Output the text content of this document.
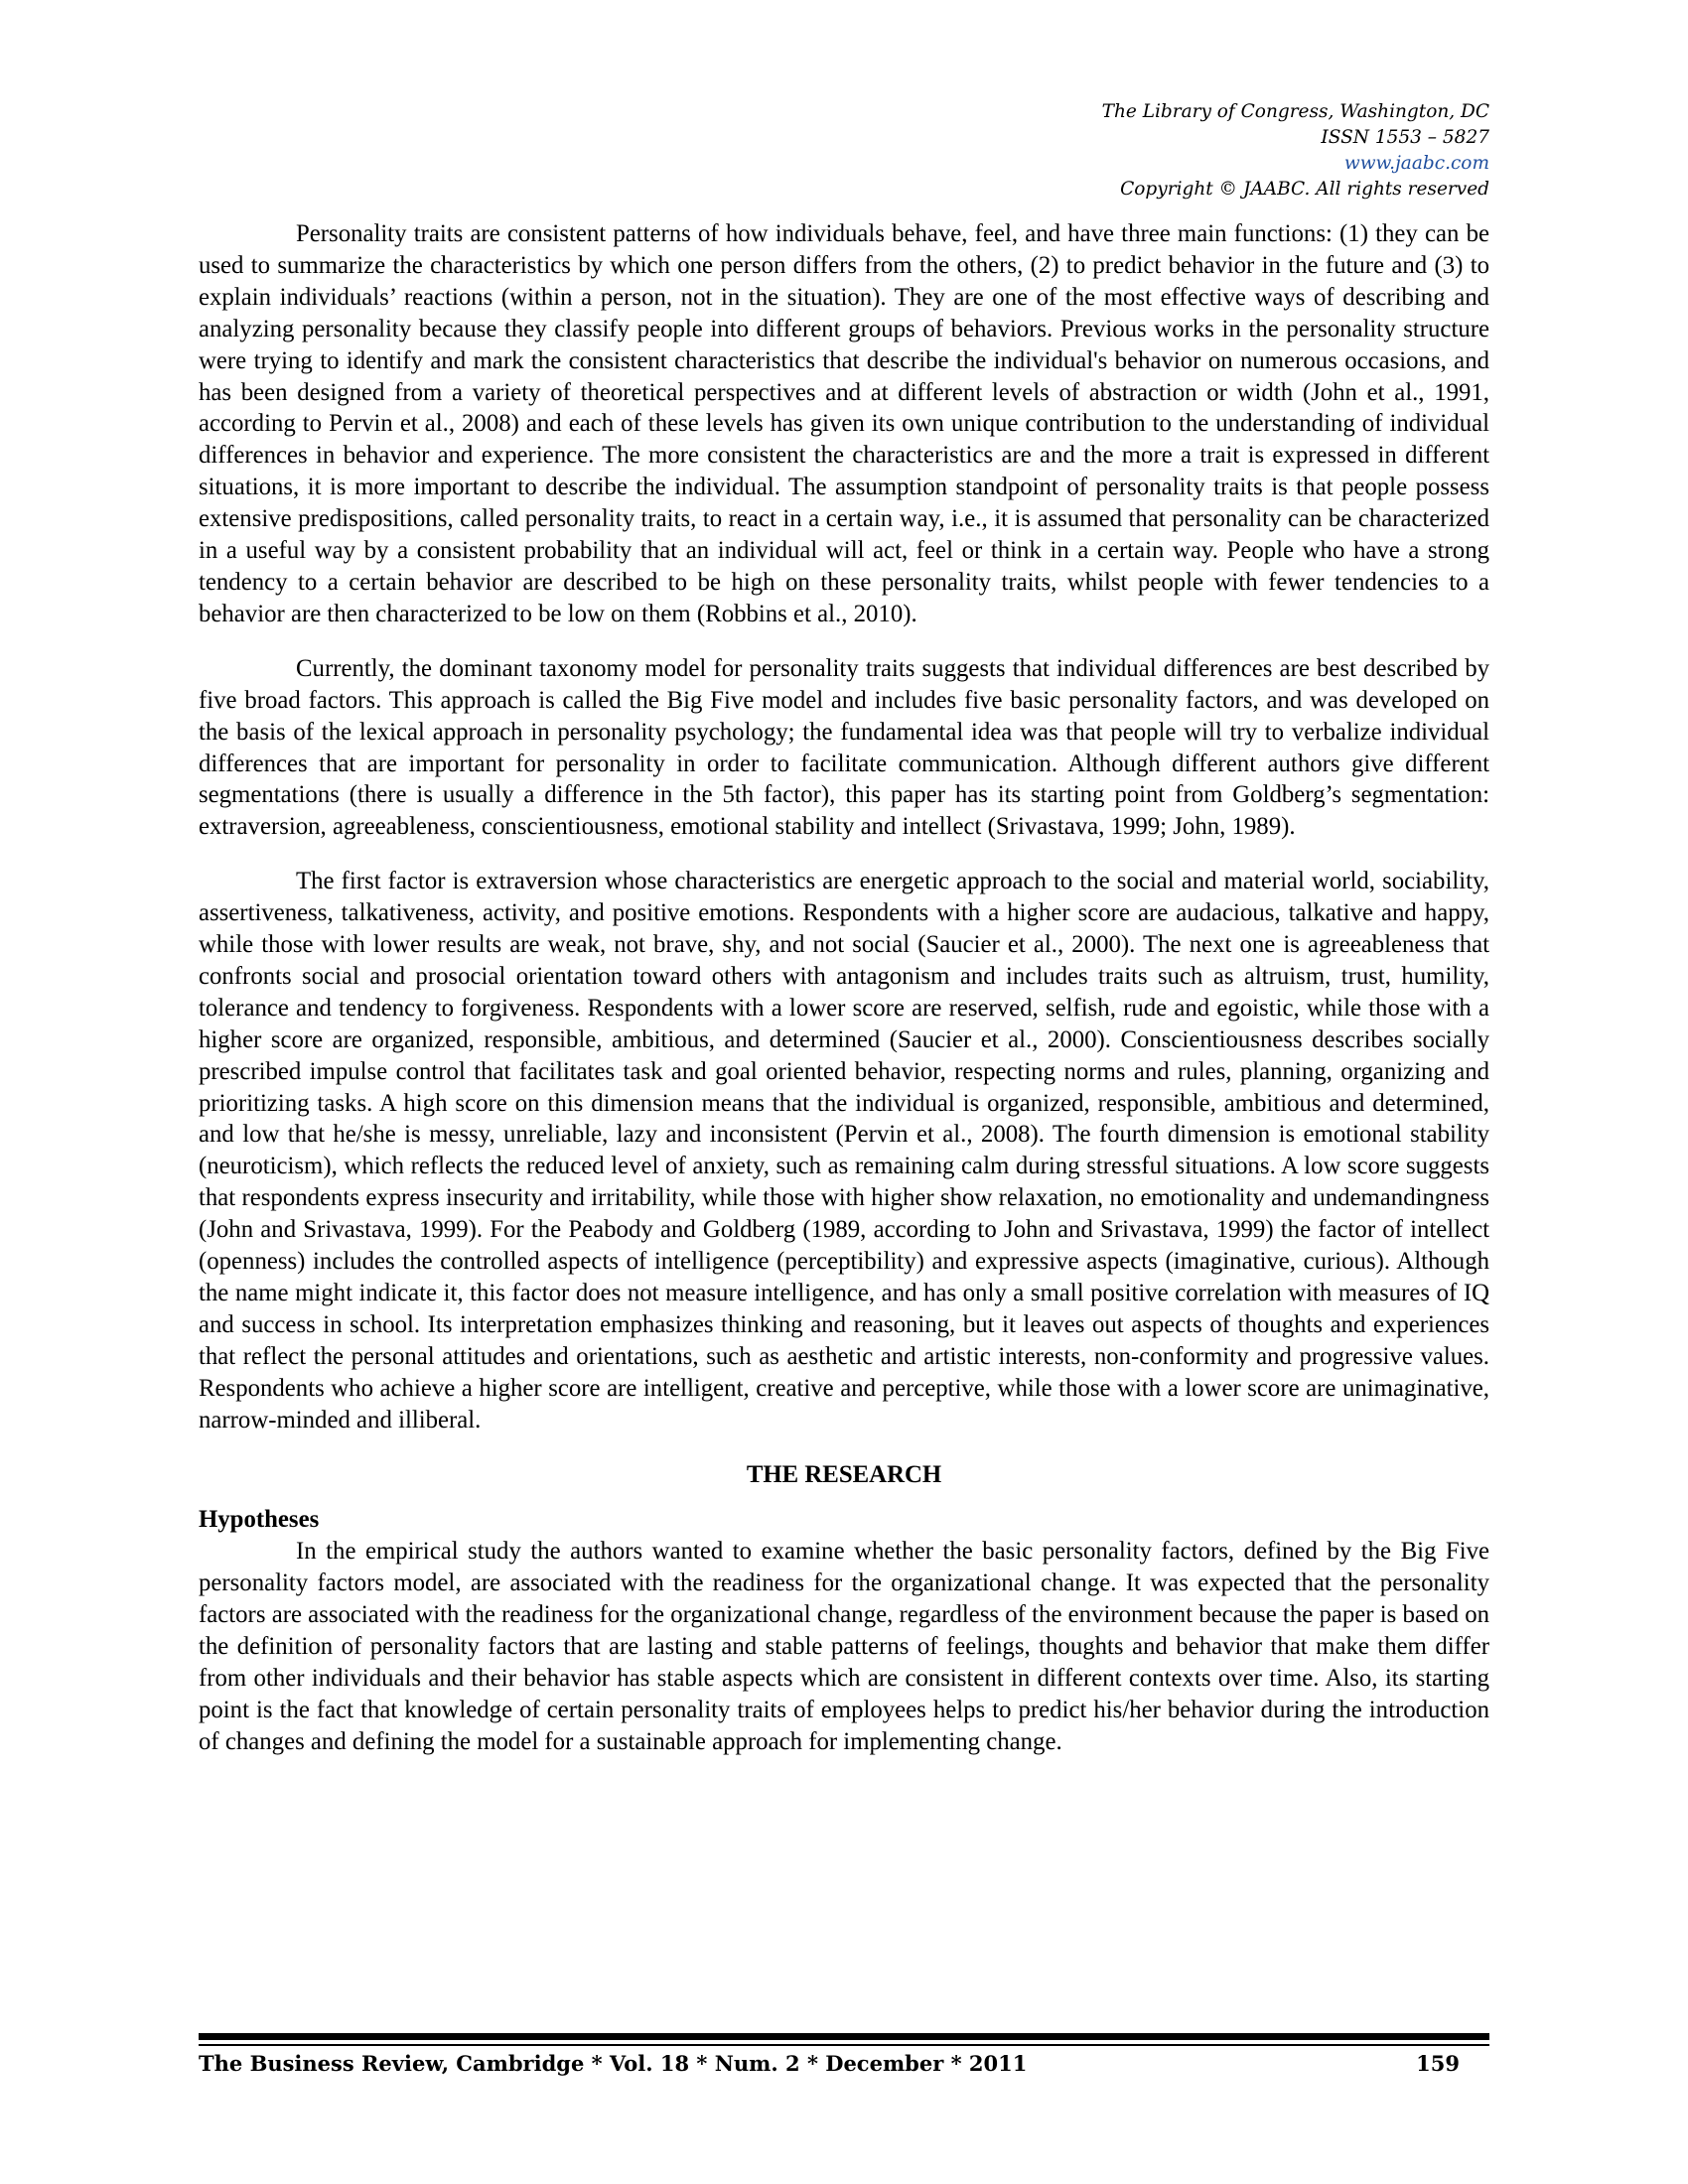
The Library of Congress, Washington, DC
ISSN 1553 – 5827
www.jaabc.com
Copyright © JAABC. All rights reserved

Personality traits are consistent patterns of how individuals behave, feel, and have three main functions: (1) they can be used to summarize the characteristics by which one person differs from the others, (2) to predict behavior in the future and (3) to explain individuals’ reactions (within a person, not in the situation). They are one of the most effective ways of describing and analyzing personality because they classify people into different groups of behaviors. Previous works in the personality structure were trying to identify and mark the consistent characteristics that describe the individual's behavior on numerous occasions, and has been designed from a variety of theoretical perspectives and at different levels of abstraction or width (John et al., 1991, according to Pervin et al., 2008) and each of these levels has given its own unique contribution to the understanding of individual differences in behavior and experience. The more consistent the characteristics are and the more a trait is expressed in different situations, it is more important to describe the individual. The assumption standpoint of personality traits is that people possess extensive predispositions, called personality traits, to react in a certain way, i.e., it is assumed that personality can be characterized in a useful way by a consistent probability that an individual will act, feel or think in a certain way. People who have a strong tendency to a certain behavior are described to be high on these personality traits, whilst people with fewer tendencies to a behavior are then characterized to be low on them (Robbins et al., 2010).

Currently, the dominant taxonomy model for personality traits suggests that individual differences are best described by five broad factors. This approach is called the Big Five model and includes five basic personality factors, and was developed on the basis of the lexical approach in personality psychology; the fundamental idea was that people will try to verbalize individual differences that are important for personality in order to facilitate communication. Although different authors give different segmentations (there is usually a difference in the 5th factor), this paper has its starting point from Goldberg’s segmentation: extraversion, agreeableness, conscientiousness, emotional stability and intellect (Srivastava, 1999; John, 1989).

The first factor is extraversion whose characteristics are energetic approach to the social and material world, sociability, assertiveness, talkativeness, activity, and positive emotions. Respondents with a higher score are audacious, talkative and happy, while those with lower results are weak, not brave, shy, and not social (Saucier et al., 2000). The next one is agreeableness that confronts social and prosocial orientation toward others with antagonism and includes traits such as altruism, trust, humility, tolerance and tendency to forgiveness. Respondents with a lower score are reserved, selfish, rude and egoistic, while those with a higher score are organized, responsible, ambitious, and determined (Saucier et al., 2000). Conscientiousness describes socially prescribed impulse control that facilitates task and goal oriented behavior, respecting norms and rules, planning, organizing and prioritizing tasks. A high score on this dimension means that the individual is organized, responsible, ambitious and determined, and low that he/she is messy, unreliable, lazy and inconsistent (Pervin et al., 2008). The fourth dimension is emotional stability (neuroticism), which reflects the reduced level of anxiety, such as remaining calm during stressful situations. A low score suggests that respondents express insecurity and irritability, while those with higher show relaxation, no emotionality and undemandingness (John and Srivastava, 1999). For the Peabody and Goldberg (1989, according to John and Srivastava, 1999) the factor of intellect (openness) includes the controlled aspects of intelligence (perceptibility) and expressive aspects (imaginative, curious). Although the name might indicate it, this factor does not measure intelligence, and has only a small positive correlation with measures of IQ and success in school. Its interpretation emphasizes thinking and reasoning, but it leaves out aspects of thoughts and experiences that reflect the personal attitudes and orientations, such as aesthetic and artistic interests, non-conformity and progressive values. Respondents who achieve a higher score are intelligent, creative and perceptive, while those with a lower score are unimaginative, narrow-minded and illiberal.

THE RESEARCH
Hypotheses

In the empirical study the authors wanted to examine whether the basic personality factors, defined by the Big Five personality factors model, are associated with the readiness for the organizational change. It was expected that the personality factors are associated with the readiness for the organizational change, regardless of the environment because the paper is based on the definition of personality factors that are lasting and stable patterns of feelings, thoughts and behavior that make them differ from other individuals and their behavior has stable aspects which are consistent in different contexts over time. Also, its starting point is the fact that knowledge of certain personality traits of employees helps to predict his/her behavior during the introduction of changes and defining the model for a sustainable approach for implementing change.

The Business Review, Cambridge * Vol. 18 * Num. 2 * December * 2011	159
